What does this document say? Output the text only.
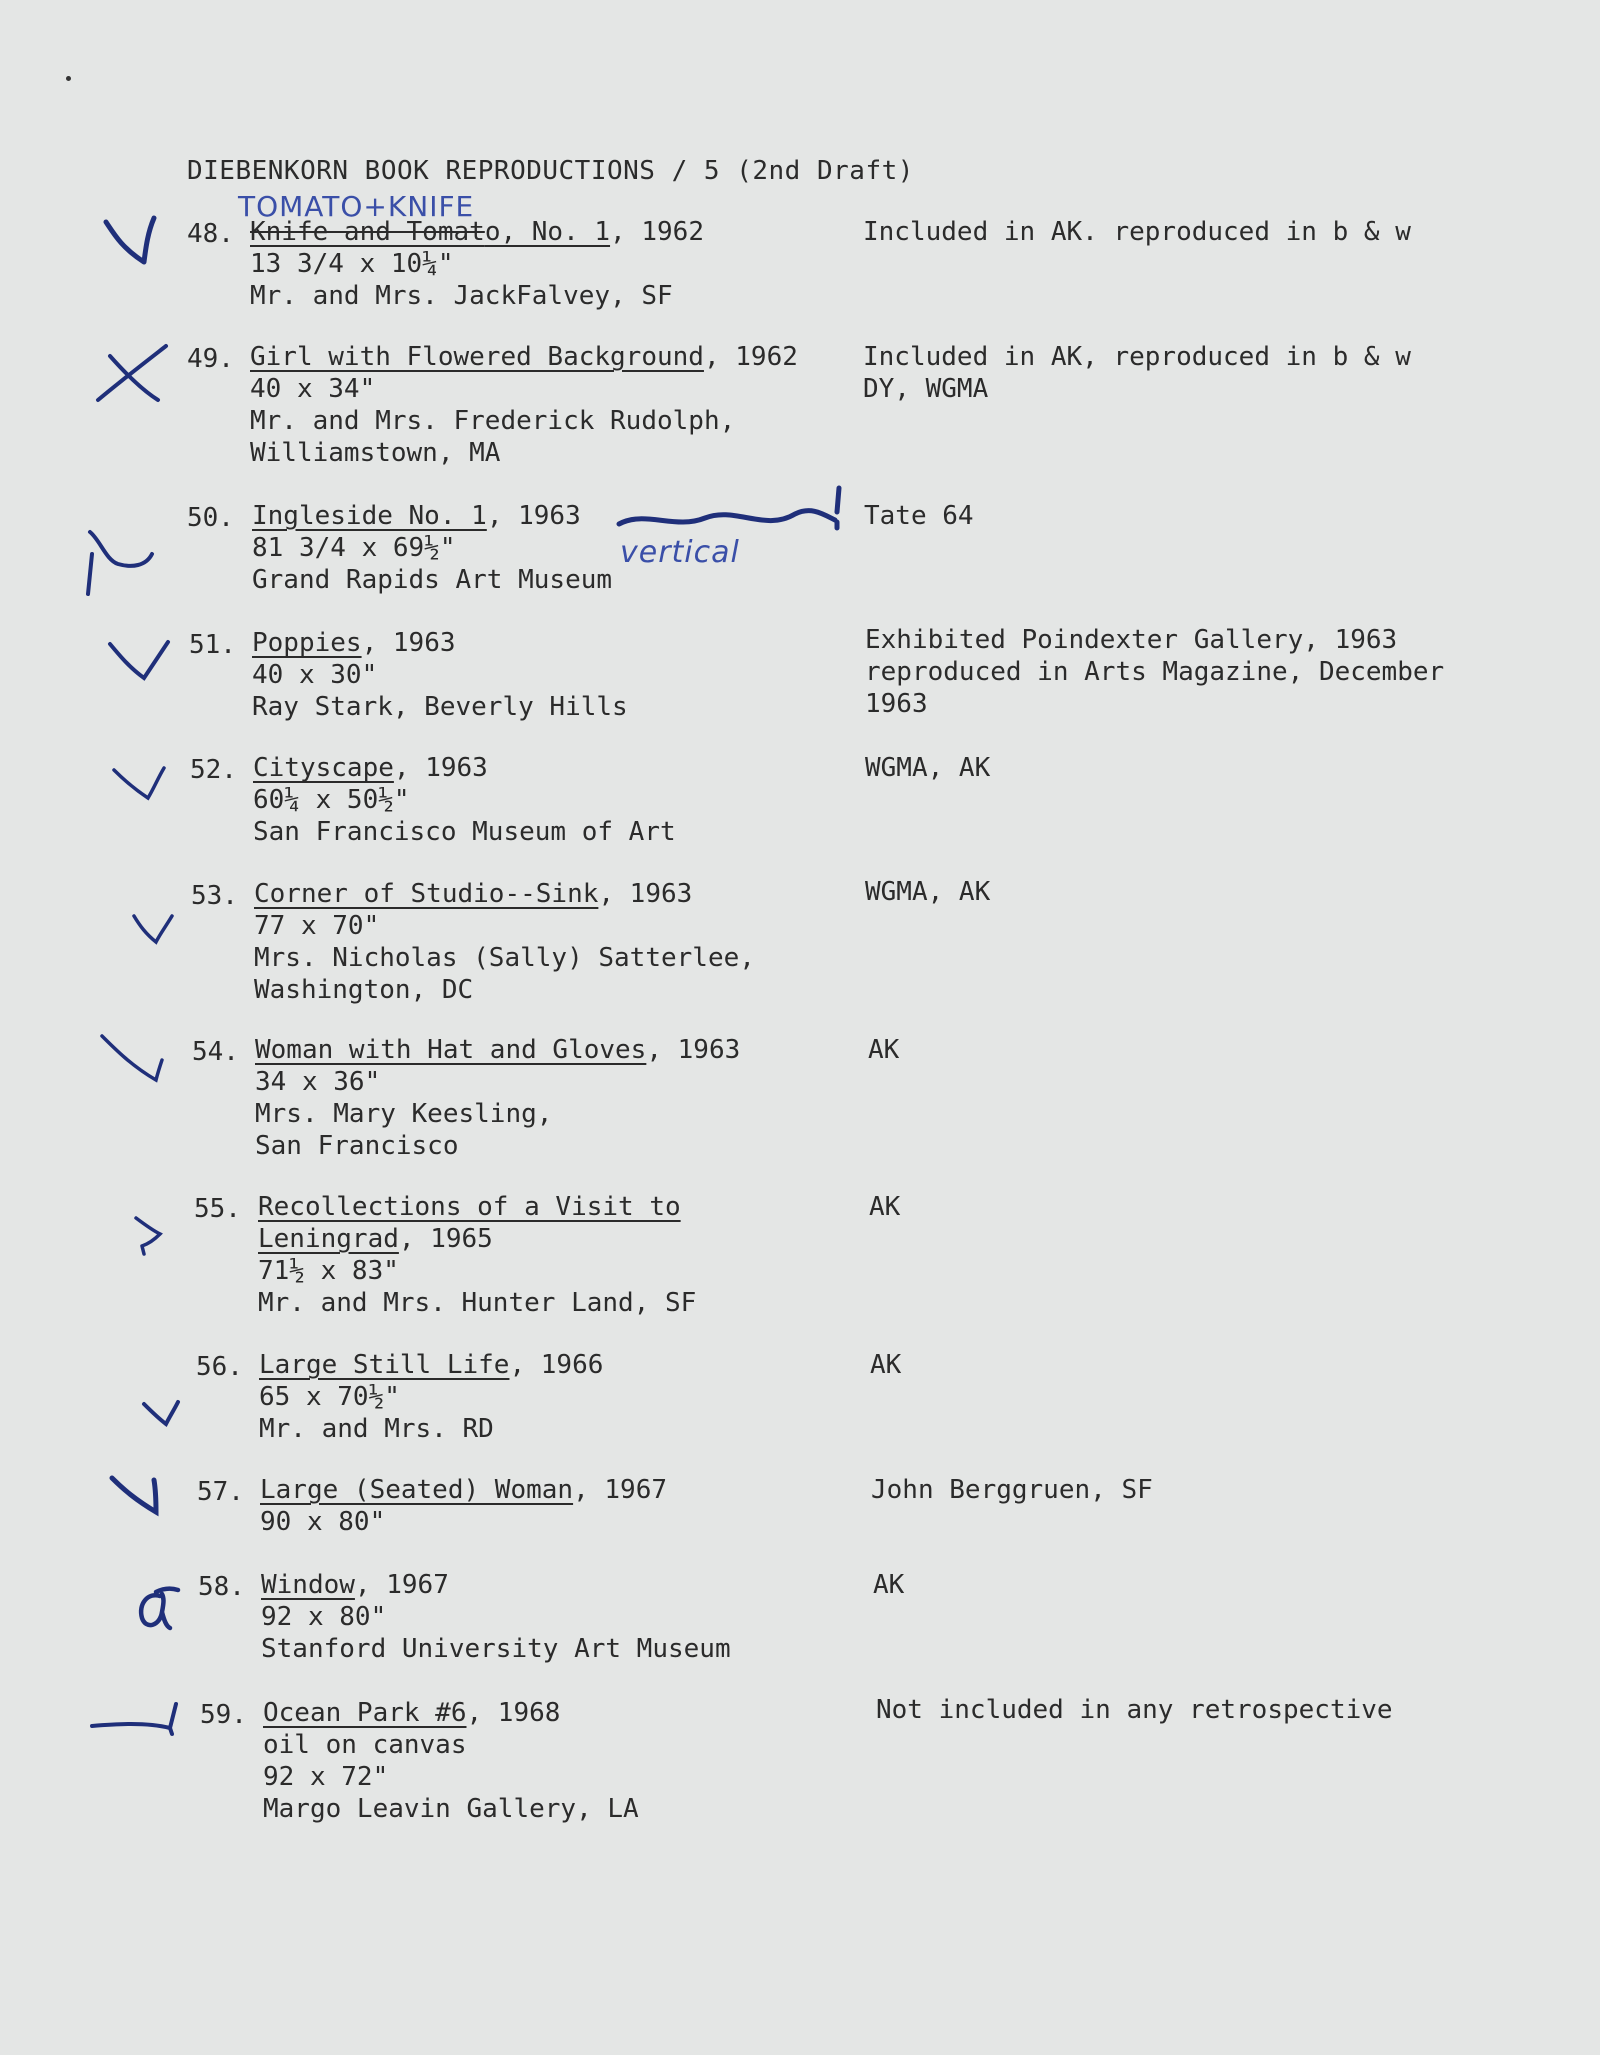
DIEBENKORN BOOK REPRODUCTIONS / 5 (2nd Draft)
TOMATO+KNIFE
48. Knife and Tomato, No. 1, 1962
13 3/4 x 10¼"
Mr. and Mrs. JackFalvey, SF
Included in AK. reproduced in b & w
49. Girl with Flowered Background, 1962
40 x 34"
Mr. and Mrs. Frederick Rudolph,
Williamstown, MA
Included in AK, reproduced in b & w
DY, WGMA
vertical
50. Ingleside No. 1, 1963
81 3/4 x 69½"
Grand Rapids Art Museum
Tate 64
51. Poppies, 1963
40 x 30"
Ray Stark, Beverly Hills
Exhibited Poindexter Gallery, 1963
reproduced in Arts Magazine, December
1963
52. Cityscape, 1963
60¼ x 50½"
San Francisco Museum of Art
WGMA, AK
53. Corner of Studio--Sink, 1963
77 x 70"
Mrs. Nicholas (Sally) Satterlee,
Washington, DC
WGMA, AK
54. Woman with Hat and Gloves, 1963
34 x 36"
Mrs. Mary Keesling,
San Francisco
AK
55. Recollections of a Visit to
Leningrad, 1965
71½ x 83"
Mr. and Mrs. Hunter Land, SF
AK
56. Large Still Life, 1966
65 x 70½"
Mr. and Mrs. RD
AK
57. Large (Seated) Woman, 1967
90 x 80"
John Berggruen, SF
58. Window, 1967
92 x 80"
Stanford University Art Museum
AK
59. Ocean Park #6, 1968
oil on canvas
92 x 72"
Margo Leavin Gallery, LA
Not included in any retrospective
